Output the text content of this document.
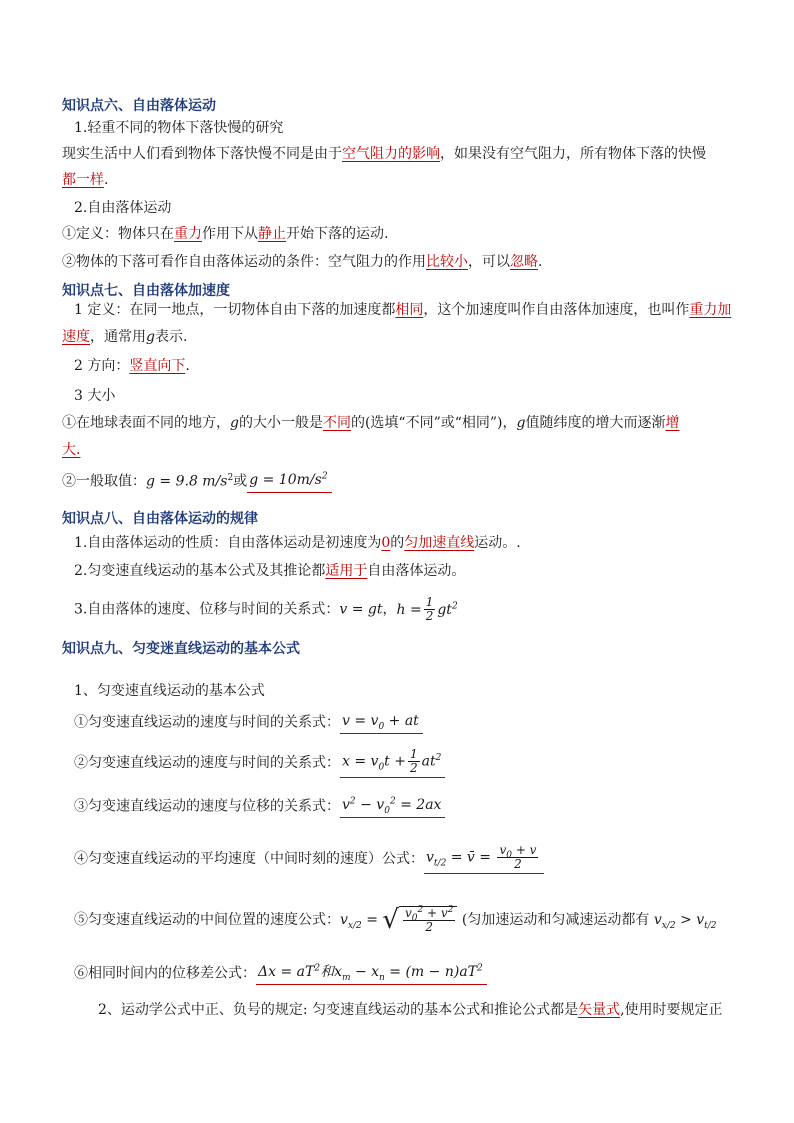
知识点六、自由落体运动
1.轻重不同的物体下落快慢的研究
现实生活中人们看到物体下落快慢不同是由于空气阻力的影响，如果没有空气阻力，所有物体下落的快慢
都一样.
2.自由落体运动
①定义：物体只在重力作用下从静止开始下落的运动.
②物体的下落可看作自由落体运动的条件：空气阻力的作用比较小，可以忽略.
知识点七、自由落体加速度
1 定义：在同一地点，一切物体自由下落的加速度都相同，这个加速度叫作自由落体加速度，也叫作重力加
速度，通常用g表示.
2 方向：竖直向下.
3 大小
①在地球表面不同的地方，g的大小一般是不同的(选填“不同”或“相同”)，g值随纬度的增大而逐渐增
大.
②一般取值：g = 9.8 $m/s^2$或 $g = 10m/s^2$
知识点八、自由落体运动的规律
1.自由落体运动的性质：自由落体运动是初速度为0的匀加速直线运动。.
2.匀变速直线运动的基本公式及其推论都适用于自由落体运动。
3.自由落体的速度、位移与时间的关系式：v = gt，$h = \frac{1}{2} gt^2$
知识点九、匀变迷直线运动的基本公式
1、匀变速直线运动的基本公式
①匀变速直线运动的速度与时间的关系式： $v = v_0$ + at
②匀变速直线运动的速度与时间的关系式： $x = v_0t + \frac{1}{2} at^2$
③匀变速直线运动的速度与位移的关系式： $v^2 - v_0^2 = 2ax$
④匀变速直线运动的平均速度（中间时刻的速度）公式： $v_{t/2}$ = v̄ = $\frac{v_0 + v}{2}$
⑤匀变速直线运动的中间位置的速度公式：$v_{x/2}$ = √ $\frac{v_0^2 + v^2}{2}$ (匀加速运动和匀减速运动都有 $v_{x/2} > v_{t/2}$
⑥相同时间内的位移差公式： $\Delta x = aT^2$和$x_m - x_n = (m - n)aT^2$
2、运动学公式中正、负号的规定: 匀变速直线运动的基本公式和推论公式都是矢量式,使用时要规定正
